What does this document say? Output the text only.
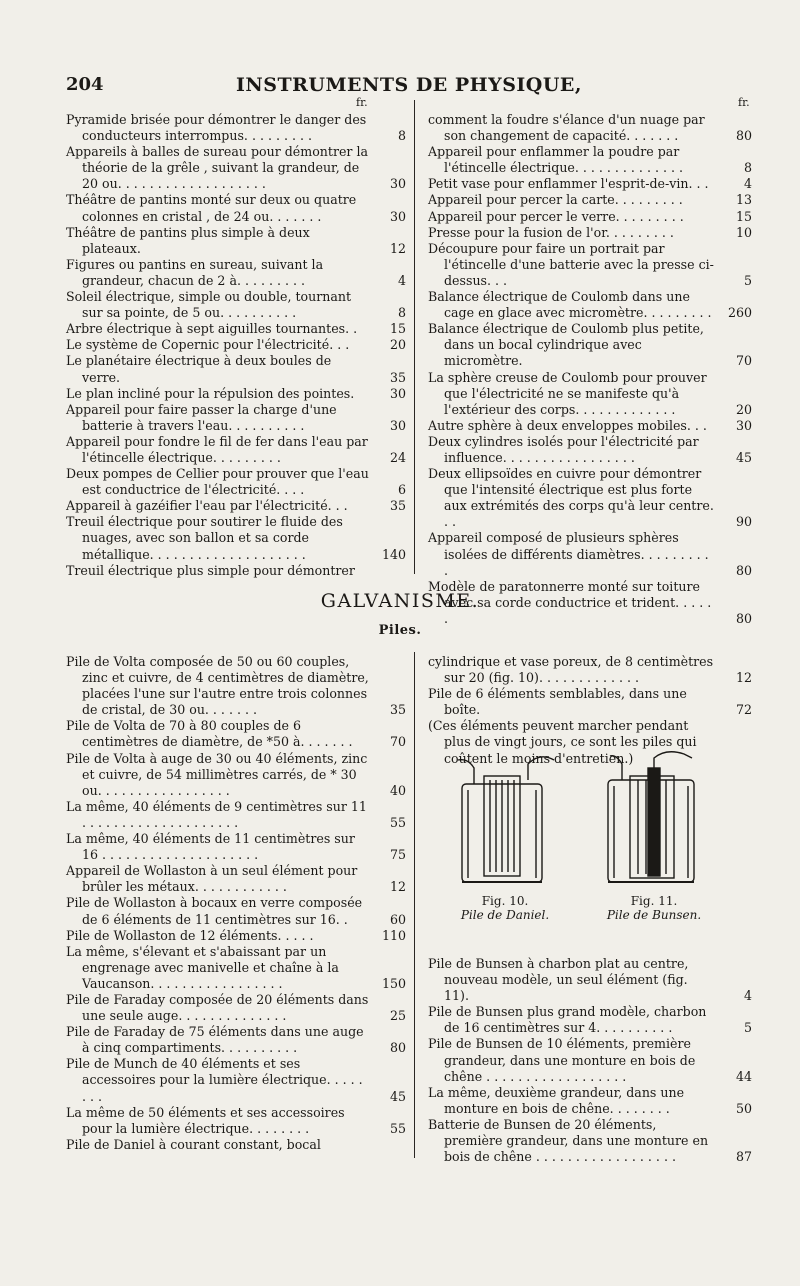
204	INSTRUMENTS DE PHYSIQUE,
fr.	fr.
Pyramide brisée pour démontrer le danger des conducteurs interrompus. . . . . . . . .	8
Appareils à balles de sureau pour démontrer la théorie de la grêle , suivant la grandeur, de 20 ou. . . . . . . . . . . . . . . . . . .	30
Théâtre de pantins monté sur deux ou quatre colonnes en cristal , de 24 ou. . . . . . .	30
Théâtre de pantins plus simple à deux plateaux.	12
Figures ou pantins en sureau, suivant la grandeur, chacun de 2 à. . . . . . . . .	4
Soleil électrique, simple ou double, tournant sur sa pointe, de 5 ou. . . . . . . . . .	8
Arbre électrique à sept aiguilles tournantes. .	15
Le système de Copernic pour l'électricité. . .	20
Le planétaire électrique à deux boules de verre.	35
Le plan incliné pour la répulsion des pointes.	30
Appareil pour faire passer la charge d'une batterie à travers l'eau. . . . . . . . . .	30
Appareil pour fondre le fil de fer dans l'eau par l'étincelle électrique. . . . . . . . .	24
Deux pompes de Cellier pour prouver que l'eau est conductrice de l'électricité. . . .	6
Appareil à gazéifier l'eau par l'électricité. . .	35
Treuil électrique pour soutirer le fluide des nuages, avec son ballon et sa corde métallique. . . . . . . . . . . . . . . . . . . .	140
Treuil électrique plus simple pour démontrer
comment la foudre s'élance d'un nuage par son changement de capacité. . . . . . .	80
Appareil pour enflammer la poudre par l'étincelle électrique. . . . . . . . . . . . . .	8
Petit vase pour enflammer l'esprit-de-vin. . .	4
Appareil pour percer la carte. . . . . . . . .	13
Appareil pour percer le verre. . . . . . . . .	15
Presse pour la fusion de l'or. . . . . . . . .	10
Découpure pour faire un portrait par l'étincelle d'une batterie avec la presse ci-dessus. . .	5
Balance électrique de Coulomb dans une cage en glace avec micromètre. . . . . . . . .	260
Balance électrique de Coulomb plus petite, dans un bocal cylindrique avec micromètre.	70
La sphère creuse de Coulomb pour prouver que l'électricité ne se manifeste qu'à l'extérieur des corps. . . . . . . . . . . . .	20
Autre sphère à deux enveloppes mobiles. . .	30
Deux cylindres isolés pour l'électricité par influence. . . . . . . . . . . . . . . . .	45
Deux ellipsoïdes en cuivre pour démontrer que l'intensité électrique est plus forte aux extrémités des corps qu'à leur centre. . .	90
Appareil composé de plusieurs sphères isolées de différents diamètres. . . . . . . . . .	80
Modèle de paratonnerre monté sur toiture avec sa corde conductrice et trident. . . . . .	80
GALVANISME.
Piles.
Pile de Volta composée de 50 ou 60 couples, zinc et cuivre, de 4 centimètres de diamètre, placées l'une sur l'autre entre trois colonnes de cristal, de 30 ou. . . . . . .	35
Pile de Volta de 70 à 80 couples de 6 centimètres de diamètre, de *50 à. . . . . . .	70
Pile de Volta à auge de 30 ou 40 éléments, zinc et cuivre, de 54 millimètres carrés, de * 30 ou. . . . . . . . . . . . . . . . .	40
La même, 40 éléments de 9 centimètres sur 11 . . . . . . . . . . . . . . . . . . . .	55
La même, 40 éléments de 11 centimètres sur 16 . . . . . . . . . . . . . . . . . . . .	75
Appareil de Wollaston à un seul élément pour brûler les métaux. . . . . . . . . . . .	12
Pile de Wollaston à bocaux en verre composée de 6 éléments de 11 centimètres sur 16. .	60
Pile de Wollaston de 12 éléments. . . . .	110
La même, s'élevant et s'abaissant par un engrenage avec manivelle et chaîne à la Vaucanson. . . . . . . . . . . . . . . . .	150
Pile de Faraday composée de 20 éléments dans une seule auge. . . . . . . . . . . . . .	25
Pile de Faraday de 75 éléments dans une auge à cinq compartiments. . . . . . . . . .	80
Pile de Munch de 40 éléments et ses accessoires pour la lumière électrique. . . . . . . .	45
La même de 50 éléments et ses accessoires pour la lumière électrique. . . . . . . .	55
Pile de Daniel à courant constant, bocal
cylindrique et vase poreux, de 8 centimètres sur 20 (fig. 10). . . . . . . . . . . . .	12
Pile de 6 éléments semblables, dans une boîte.	72
(Ces éléments peuvent marcher pendant plus de vingt jours, ce sont les piles qui coûtent le moins d'entretien.)
Fig. 10.
Pile de Daniel.
Fig. 11.
Pile de Bunsen.
Pile de Bunsen à charbon plat au centre, nouveau modèle, un seul élément (fig. 11).	4
Pile de Bunsen plus grand modèle, charbon de 16 centimètres sur 4. . . . . . . . . .	5
Pile de Bunsen de 10 éléments, première grandeur, dans une monture en bois de chêne . . . . . . . . . . . . . . . . . .	44
La même, deuxième grandeur, dans une monture en bois de chêne. . . . . . . .	50
Batterie de Bunsen de 20 éléments, première grandeur, dans une monture en bois de chêne . . . . . . . . . . . . . . . . . .	87
